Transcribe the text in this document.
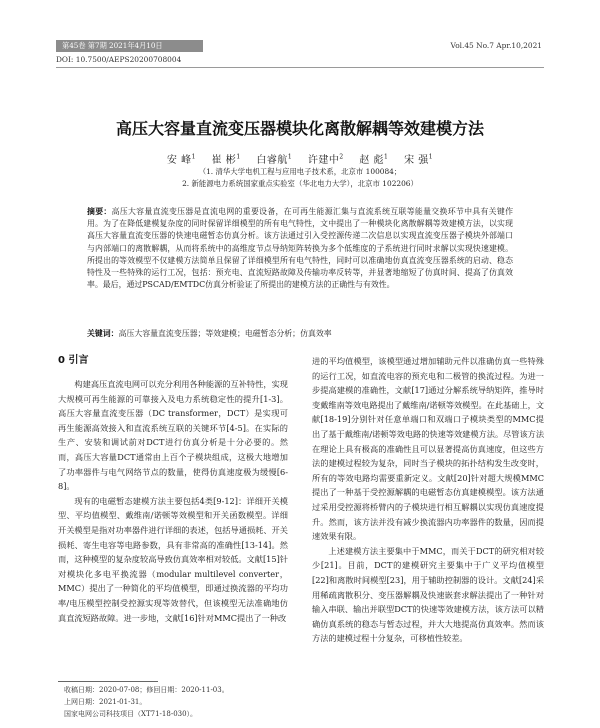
第45卷 第7期 2021年4月10日	Vol.45 No.7 Apr.10,2021
DOI: 10.7500/AEPS20200708004
高压大容量直流变压器模块化离散解耦等效建模方法
安 峰$^1$ 崔 彬$^1$ 白睿航$^1$ 许建中$^2$ 赵 彪$^1$ 宋 强$^1$
（1. 清华大学电机工程与应用电子技术系，北京市 100084；
2. 新能源电力系统国家重点实验室（华北电力大学），北京市 102206）
摘要：高压大容量直流变压器是直流电网的重要设备，在可再生能源汇集与直流系统互联等能量交换环节中具有关键作用。为了在降低建模复杂度的同时保留详细模型的所有电气特性，文中提出了一种模块化离散解耦等效建模方法，以实现高压大容量直流变压器的快速电磁暂态仿真分析。该方法通过引入受控源传递二次信息以实现直流变压器子模块外部端口与内部端口的离散解耦，从而将系统中的高维度节点导纳矩阵转换为多个低维度的子系统进行同时求解以实现快速建模。所提出的等效模型不仅建模方法简单且保留了详细模型所有电气特性，同时可以准确地仿真直流变压器系统的启动、稳态特性及一些特殊的运行工况，包括：预充电、直流短路故障及传输功率反转等，并显著地缩短了仿真时间、提高了仿真效率。最后，通过PSCAD/EMTDC仿真分析验证了所提出的建模方法的正确性与有效性。
关键词：高压大容量直流变压器；等效建模；电磁暂态分析；仿真效率
0 引言

构建高压直流电网可以充分利用各种能源的互补特性，实现大规模可再生能源的可靠接入及电力系统稳定性的提升[1-3]。高压大容量直流变压器（DC transformer，DCT）是实现可再生能源高效接入和直流系统互联的关键环节[4-5]。在实际的生产、安装和调试前对DCT进行仿真分析是十分必要的。然而，高压大容量DCT通常由上百个子模块组成，这极大地增加了功率器件与电气网络节点的数量，使得仿真速度极为缓慢[6-8]。

现有的电磁暂态建模方法主要包括4类[9-12]：详细开关模型、平均值模型、戴维南/诺顿等效模型和开关函数模型。详细开关模型是指对功率器件进行详细的表述，包括导通损耗、开关损耗、寄生电容等电路参数，具有非常高的准确性[13-14]。然而，这种模型的复杂度较高导致仿真效率相对较低。文献[15]针对模块化多电平换流器（modular multilevel converter，MMC）提出了一种简化的平均值模型，即通过换流器的平均功率/电压模型控制受控源实现等效替代，但该模型无法准确地仿真直流短路故障。进一步地，文献[16]针对MMC提出了一种改

进的平均值模型，该模型通过增加辅助元件以准确仿真一些特殊的运行工况，如直流电容的预充电和二极管的换流过程。为进一步提高建模的准确性，文献[17]通过分解系统导纳矩阵，推导时变戴维南等效电路提出了戴维南/诺顿等效模型。在此基础上，文献[18-19]分别针对任意单端口和双端口子模块类型的MMC提出了基于戴维南/诺顿等效电路的快速等效建模方法。尽管该方法在理论上具有极高的准确性且可以显著提高仿真速度，但这些方法的建模过程较为复杂，同时当子模块的拓扑结构发生改变时，所有的等效电路均需要重新定义。文献[20]针对超大规模MMC提出了一种基于受控源解耦的电磁暂态仿真建模模型。该方法通过采用受控源将桥臂内的子模块进行相互解耦以实现仿真速度提升。然而，该方法并没有减少换流器内功率器件的数量，因而提速效果有限。

上述建模方法主要集中于MMC，而关于DCT的研究相对较少[21]。目前，DCT的建模研究主要集中于广义平均值模型[22]和离散时间模型[23]，用于辅助控制器的设计。文献[24]采用稀疏离散积分、变压器解耦及快速嵌套求解法提出了一种针对输入串联、输出并联型DCT的快速等效建模方法，该方法可以精确仿真系统的稳态与暂态过程，并大大地提高仿真效率。然而该方法的建模过程十分复杂，可移植性较差。

收稿日期：2020-07-08；修回日期：2020-11-03。
上网日期：2021-01-31。
国家电网公司科技项目（XT71-18-030）。
